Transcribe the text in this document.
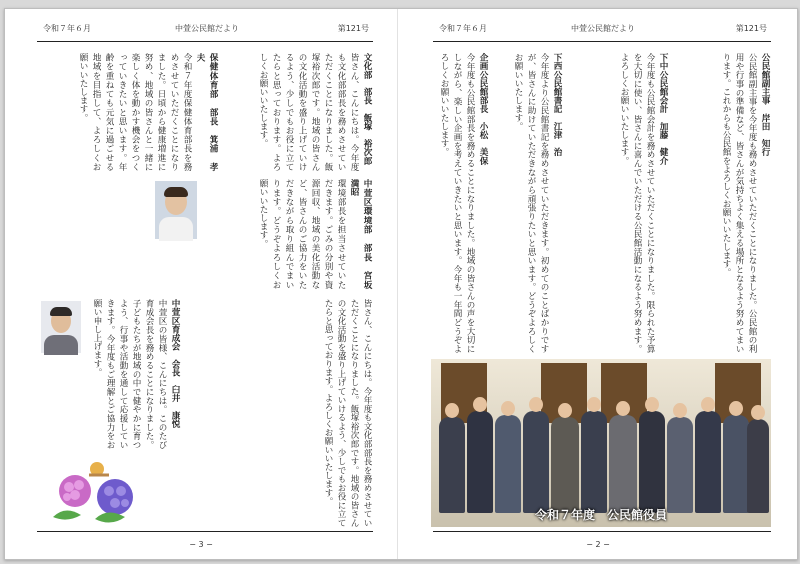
令和７年６月	中萱公民館だより	第121号
文化部　部長　飯塚　裕次郎
皆さん、こんにちは。今年度も文化部部長を務めさせていただくことになりました。飯塚裕次郎です。地域の皆さんの文化活動を盛り上げていけるよう、少しでもお役に立てたらと思っております。よろしくお願いいたします。
保健体育部　部長　箕浦　孝夫
令和７年度保健体育部長を務めさせていただくことになりました。日頃から健康増進に努め、地域の皆さんと一緒に楽しく体を動かす機会をつくっていきたいと思います。年齢を重ねても元気に過ごせる地域を目指して、よろしくお願いいたします。
中萱区環境部　部長　宮坂　満昭
環境部長を担当させていただきます。ごみの分別や資源回収、地域の美化活動など、皆さんのご協力をいただきながら取り組んでまいります。どうぞよろしくお願いいたします。
中萱区育成会　会長　臼井　康悦
中萱区の皆様、こんにちは。このたび育成会長を務めることになりました。子どもたちが地域の中で健やかに育つよう、行事や活動を通して応援していきます。今年度もご理解とご協力をお願い申し上げます。	皆さん、こんにちは。今年度も文化部部長を務めさせていただくことになりました。飯塚裕次郎です。地域の皆さんの文化活動を盛り上げていけるよう、少しでもお役に立てたらと思っております。よろしくお願いいたします。
− 3 −
令和７年６月	中萱公民館だより	第121号
公民館副主事　岸田　知行
公民館副主事を今年度も務めさせていただくことになりました。公民館の利用や行事の準備など、皆さんが気持ちよく集える場所となるよう努めてまいります。これからも公民館をよろしくお願いいたします。
下中公民館会計　加藤　健介
今年度も公民館会計を務めさせていただくことになりました。限られた予算を大切に使い、皆さんに喜んでいただける公民館活動になるよう努めます。よろしくお願いいたします。
下西公民館書記　江津　治
今年度より公民館書記を務めさせていただきます。初めてのことばかりですが、皆さんに助けていただきながら頑張りたいと思います。どうぞよろしくお願いいたします。
企画公民館部長　小松　美保
今年度も公民館部長を務めることになりました。地域の皆さんの声を大切にしながら、楽しい企画を考えていきたいと思います。今年も一年間どうぞよろしくお願いいたします。
令和７年度　公民館役員
− 2 −
